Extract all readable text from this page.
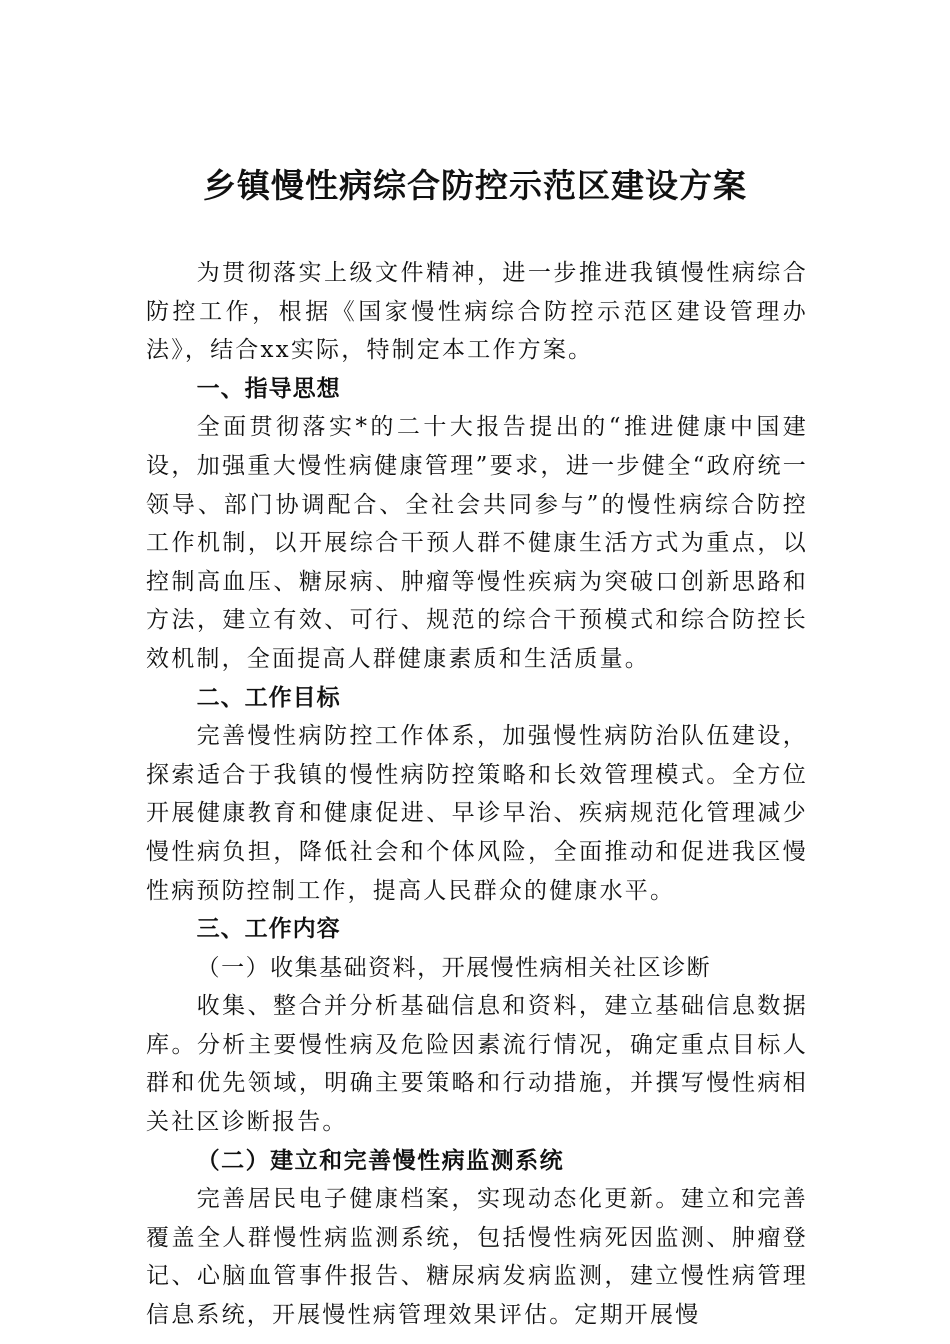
乡镇慢性病综合防控示范区建设方案

为贯彻落实上级文件精神，进一步推进我镇慢性病综合防控工作，根据《国家慢性病综合防控示范区建设管理办法》，结合xx实际，特制定本工作方案。

一、指导思想

全面贯彻落实*的二十大报告提出的“推进健康中国建设，加强重大慢性病健康管理”要求，进一步健全“政府统一领导、部门协调配合、全社会共同参与”的慢性病综合防控工作机制，以开展综合干预人群不健康生活方式为重点，以控制高血压、糖尿病、肿瘤等慢性疾病为突破口创新思路和方法，建立有效、可行、规范的综合干预模式和综合防控长效机制，全面提高人群健康素质和生活质量。

二、工作目标

完善慢性病防控工作体系，加强慢性病防治队伍建设，探索适合于我镇的慢性病防控策略和长效管理模式。全方位开展健康教育和健康促进、早诊早治、疾病规范化管理减少慢性病负担，降低社会和个体风险，全面推动和促进我区慢性病预防控制工作，提高人民群众的健康水平。

三、工作内容

（一）收集基础资料，开展慢性病相关社区诊断

收集、整合并分析基础信息和资料，建立基础信息数据库。分析主要慢性病及危险因素流行情况，确定重点目标人群和优先领域，明确主要策略和行动措施，并撰写慢性病相关社区诊断报告。

（二）建立和完善慢性病监测系统

完善居民电子健康档案，实现动态化更新。建立和完善覆盖全人群慢性病监测系统，包括慢性病死因监测、肿瘤登记、心脑血管事件报告、糖尿病发病监测，建立慢性病管理信息系统，开展慢性病管理效果评估。定期开展慢
